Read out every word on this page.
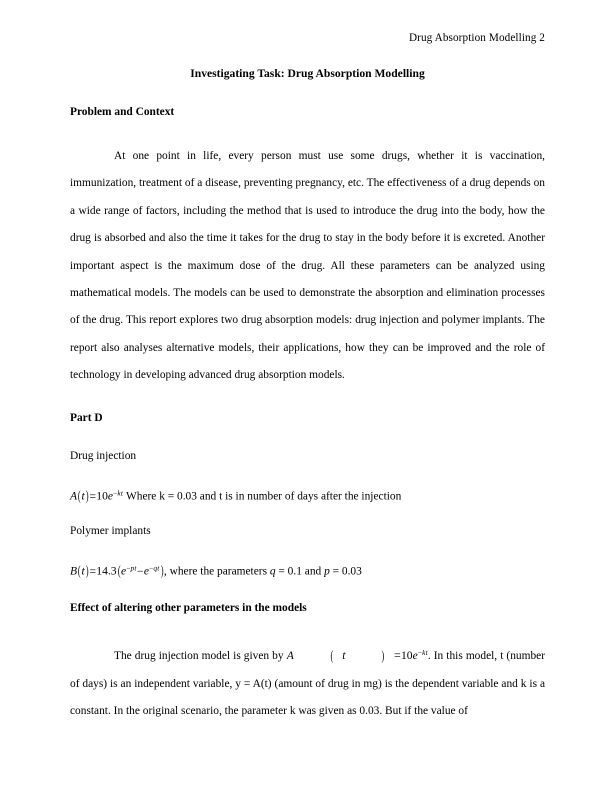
Drug Absorption Modelling 2
Investigating Task: Drug Absorption Modelling
Problem and Context

At one point in life, every person must use some drugs, whether it is vaccination, immunization, treatment of a disease, preventing pregnancy, etc. The effectiveness of a drug depends on a wide range of factors, including the method that is used to introduce the drug into the body, how the drug is absorbed and also the time it takes for the drug to stay in the body before it is excreted. Another important aspect is the maximum dose of the drug. All these parameters can be analyzed using mathematical models. The models can be used to demonstrate the absorption and elimination processes of the drug. This report explores two drug absorption models: drug injection and polymer implants. The report also analyses alternative models, their applications, how they can be improved and the role of technology in developing advanced drug absorption models.

Part D
Drug injection
$A(t)=10e^{-kt}$ Where k = 0.03 and t is in number of days after the injection
Polymer implants
$B(t)=14.3(e^{-pt}-e^{-qt})$, where the parameters q = 0.1 and p = 0.03
Effect of altering other parameters in the models

The drug injection model is given by A	( t	) $=10e^{-kt}$. In this model, t (number of days) is an independent variable, y = A(t) (amount of drug in mg) is the dependent variable and k is a constant. In the original scenario, the parameter k was given as 0.03. But if the value of
